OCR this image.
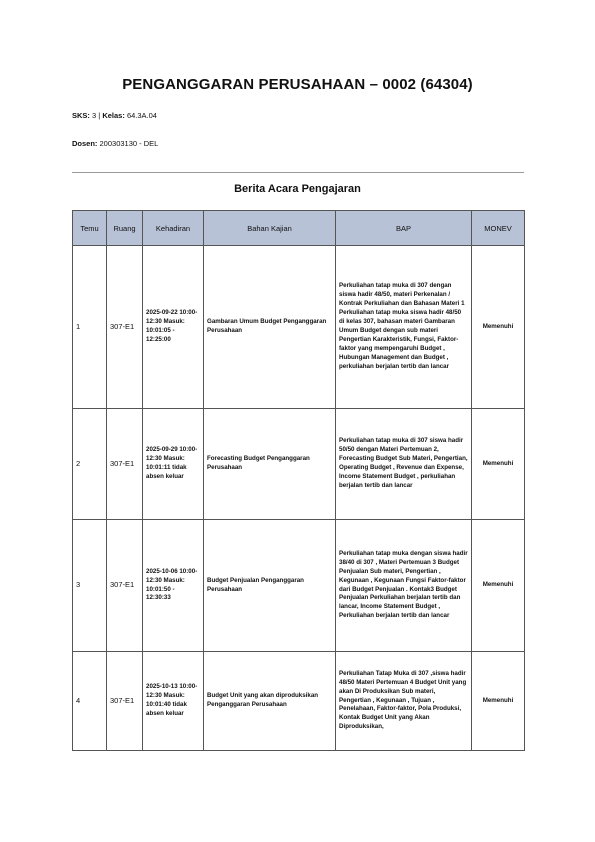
PENGANGGARAN PERUSAHAAN – 0002 (64304)
SKS: 3 | Kelas: 64.3A.04
Dosen: 200303130 - DEL
Berita Acara Pengajaran
Temu	Ruang	Kehadiran	Bahan Kajian	BAP	MONEV
1	307-E1	2025-09-22 10:00-12:30 Masuk: 10:01:05 - 12:25:00	Gambaran Umum Budget Penganggaran Perusahaan	Perkuliahan tatap muka di 307 dengan siswa hadir 48/50, materi Perkenalan / Kontrak Perkuliahan dan Bahasan Materi 1 Perkuliahan tatap muka siswa hadir 48/50 di kelas 307, bahasan materi Gambaran Umum Budget dengan sub materi Pengertian Karakteristik, Fungsi, Faktor-faktor yang mempengaruhi Budget , Hubungan Management dan Budget , perkuliahan berjalan tertib dan lancar	Memenuhi
2	307-E1	2025-09-29 10:00-12:30 Masuk: 10:01:11 tidak absen keluar	Forecasting Budget Penganggaran Perusahaan	Perkuliahan tatap muka di 307 siswa hadir 50/50 dengan Materi Pertemuan 2, Forecasting Budget Sub Materi, Pengertian, Operating Budget , Revenue dan Expense, Income Statement Budget , perkuliahan berjalan tertib dan lancar	Memenuhi
3	307-E1	2025-10-06 10:00-12:30 Masuk: 10:01:50 - 12:30:33	Budget Penjualan Penganggaran Perusahaan	Perkuliahan tatap muka dengan siswa hadir 38/40 di 307 , Materi Pertemuan 3 Budget Penjualan Sub materi, Pengertian , Kegunaan , Kegunaan Fungsi Faktor-faktor dari Budget Penjualan . Kontak3 Budget Penjualan Perkuliahan berjalan tertib dan lancar, Income Statement Budget , Perkuliahan berjalan tertib dan lancar	Memenuhi
4	307-E1	2025-10-13 10:00-12:30 Masuk: 10:01:40 tidak absen keluar	Budget Unit yang akan diproduksikan Penganggaran Perusahaan	Perkuliahan Tatap Muka di 307 ,siswa hadir 48/50 Materi Pertemuan 4 Budget Unit yang akan Di Produksikan Sub materi, Pengertian , Kegunaan , Tujuan , Penelahaan, Faktor-faktor, Pola Produksi, Kontak Budget Unit yang Akan Diproduksikan,	Memenuhi
